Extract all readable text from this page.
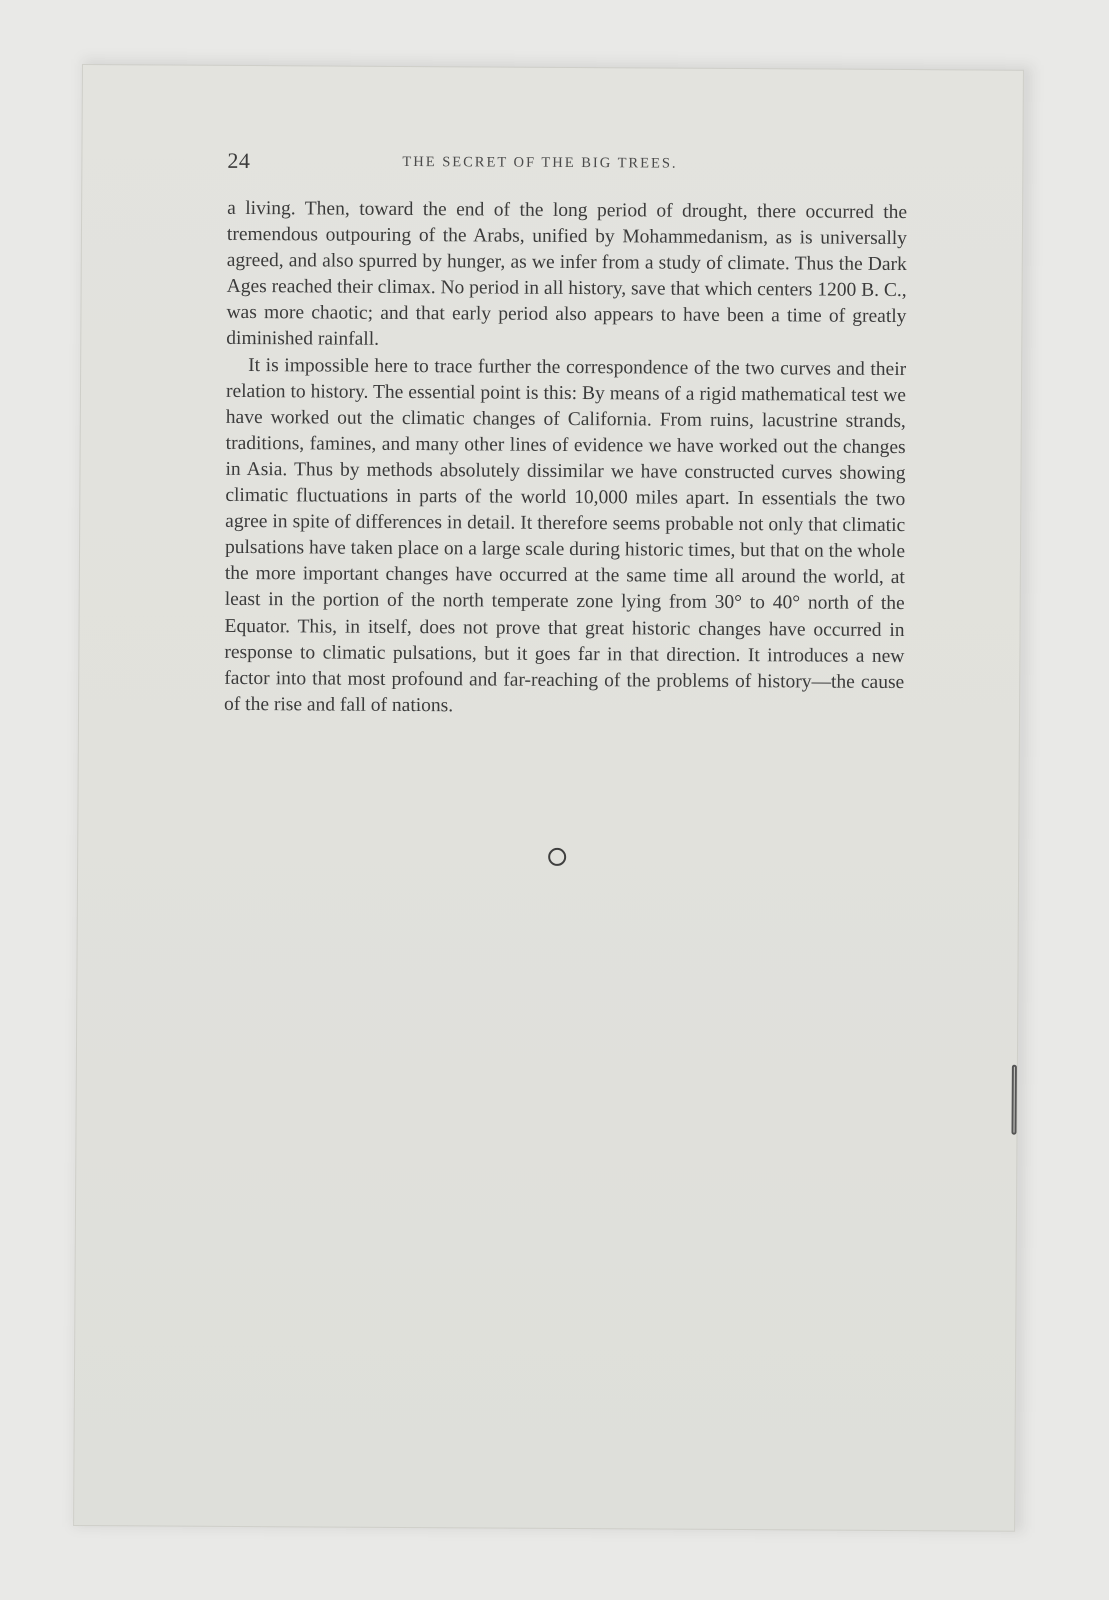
24	THE SECRET OF THE BIG TREES.

a living. Then, toward the end of the long period of drought, there occurred the tremendous outpouring of the Arabs, unified by Mohammedanism, as is universally agreed, and also spurred by hunger, as we infer from a study of climate. Thus the Dark Ages reached their climax. No period in all history, save that which centers 1200 B. C., was more chaotic; and that early period also appears to have been a time of greatly diminished rainfall.

It is impossible here to trace further the correspondence of the two curves and their relation to history. The essential point is this: By means of a rigid mathematical test we have worked out the climatic changes of California. From ruins, lacustrine strands, traditions, famines, and many other lines of evidence we have worked out the changes in Asia. Thus by methods absolutely dissimilar we have constructed curves showing climatic fluctuations in parts of the world 10,000 miles apart. In essentials the two agree in spite of differences in detail. It therefore seems probable not only that climatic pulsations have taken place on a large scale during historic times, but that on the whole the more important changes have occurred at the same time all around the world, at least in the portion of the north temperate zone lying from 30° to 40° north of the Equator. This, in itself, does not prove that great historic changes have occurred in response to climatic pulsations, but it goes far in that direction. It introduces a new factor into that most profound and far-reaching of the problems of history—the cause of the rise and fall of nations.
